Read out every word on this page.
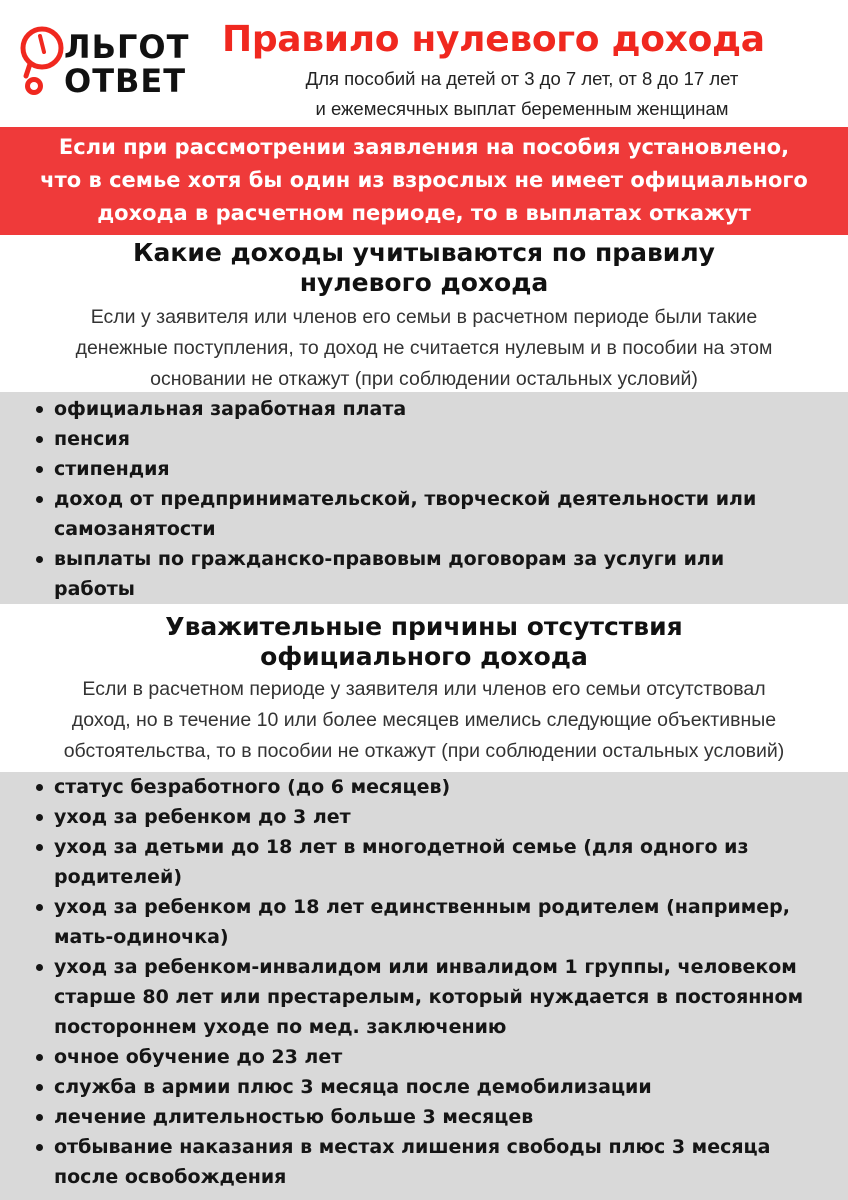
ЛЬГОТ
ОТВЕТ
Правило нулевого дохода
Для пособий на детей от 3 до 7 лет, от 8 до 17 лет
и ежемесячных выплат беременным женщинам
Если при рассмотрении заявления на пособия установлено,
что в семье хотя бы один из взрослых не имеет официального
дохода в расчетном периоде, то в выплатах откажут
Какие доходы учитываются по правилу
нулевого дохода
Если у заявителя или членов его семьи в расчетном периоде были такие
денежные поступления, то доход не считается нулевым и в пособии на этом
основании не откажут (при соблюдении остальных условий)
официальная заработная плата
пенсия
стипендия
доход от предпринимательской, творческой деятельности или
самозанятости
выплаты по гражданско-правовым договорам за услуги или
работы
Уважительные причины отсутствия
официального дохода
Если в расчетном периоде у заявителя или членов его семьи отсутствовал
доход, но в течение 10 или более месяцев имелись следующие объективные
обстоятельства, то в пособии не откажут (при соблюдении остальных условий)
статус безработного (до 6 месяцев)
уход за ребенком до 3 лет
уход за детьми до 18 лет в многодетной семье (для одного из
родителей)
уход за ребенком до 18 лет единственным родителем (например,
мать-одиночка)
уход за ребенком-инвалидом или инвалидом 1 группы, человеком
старше 80 лет или престарелым, который нуждается в постоянном
постороннем уходе по мед. заключению
очное обучение до 23 лет
служба в армии плюс 3 месяца после демобилизации
лечение длительностью больше 3 месяцев
отбывание наказания в местах лишения свободы плюс 3 месяца
после освобождения
